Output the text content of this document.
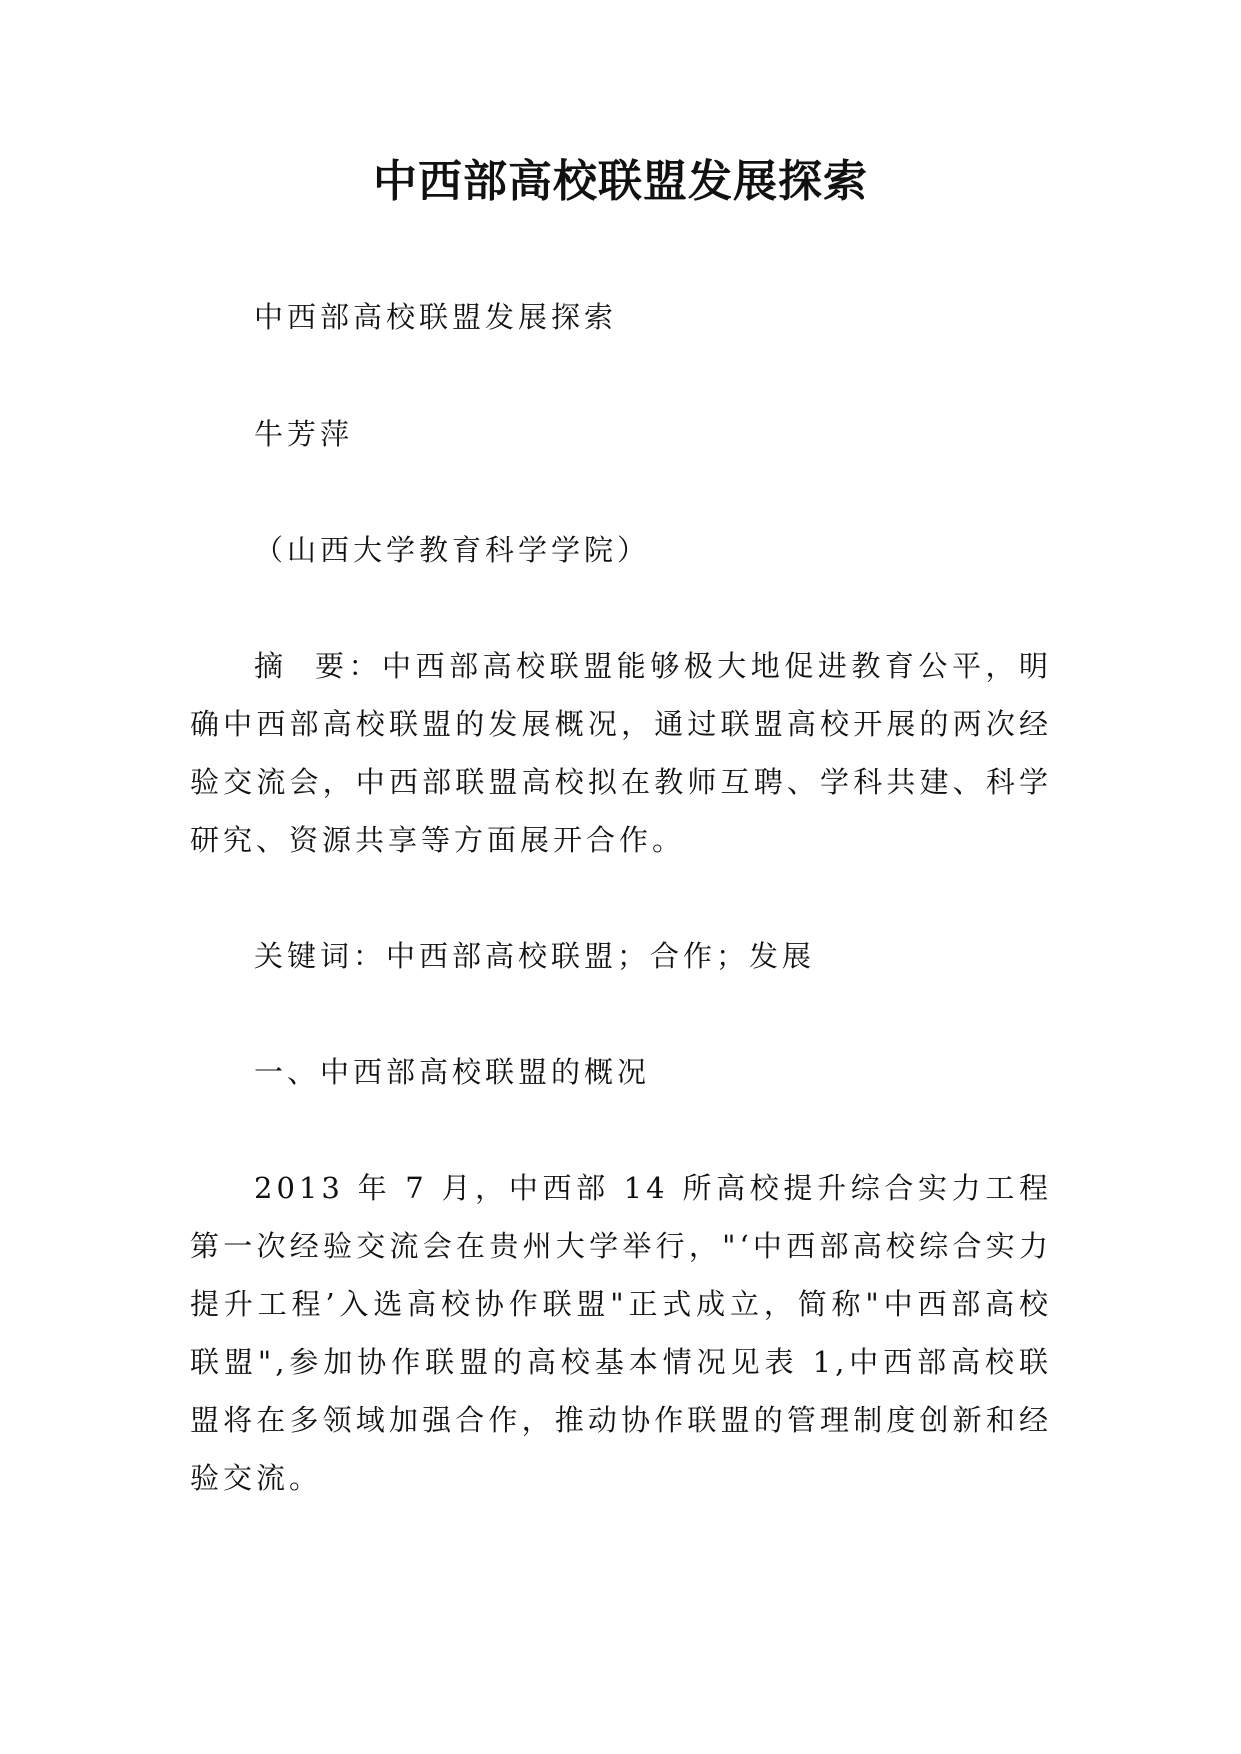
中西部高校联盟发展探索

中西部高校联盟发展探索

牛芳萍

（山西大学教育科学学院）

摘  要：中西部高校联盟能够极大地促进教育公平，明确中西部高校联盟的发展概况，通过联盟高校开展的两次经验交流会，中西部联盟高校拟在教师互聘、学科共建、科学研究、资源共享等方面展开合作。

关键词：中西部高校联盟；合作；发展

一、中西部高校联盟的概况

2013 年 7 月，中西部 14 所高校提升综合实力工程第一次经验交流会在贵州大学举行，"‘中西部高校综合实力提升工程’入选高校协作联盟"正式成立，简称"中西部高校联盟",参加协作联盟的高校基本情况见表 1,中西部高校联盟将在多领域加强合作，推动协作联盟的管理制度创新和经验交流。
